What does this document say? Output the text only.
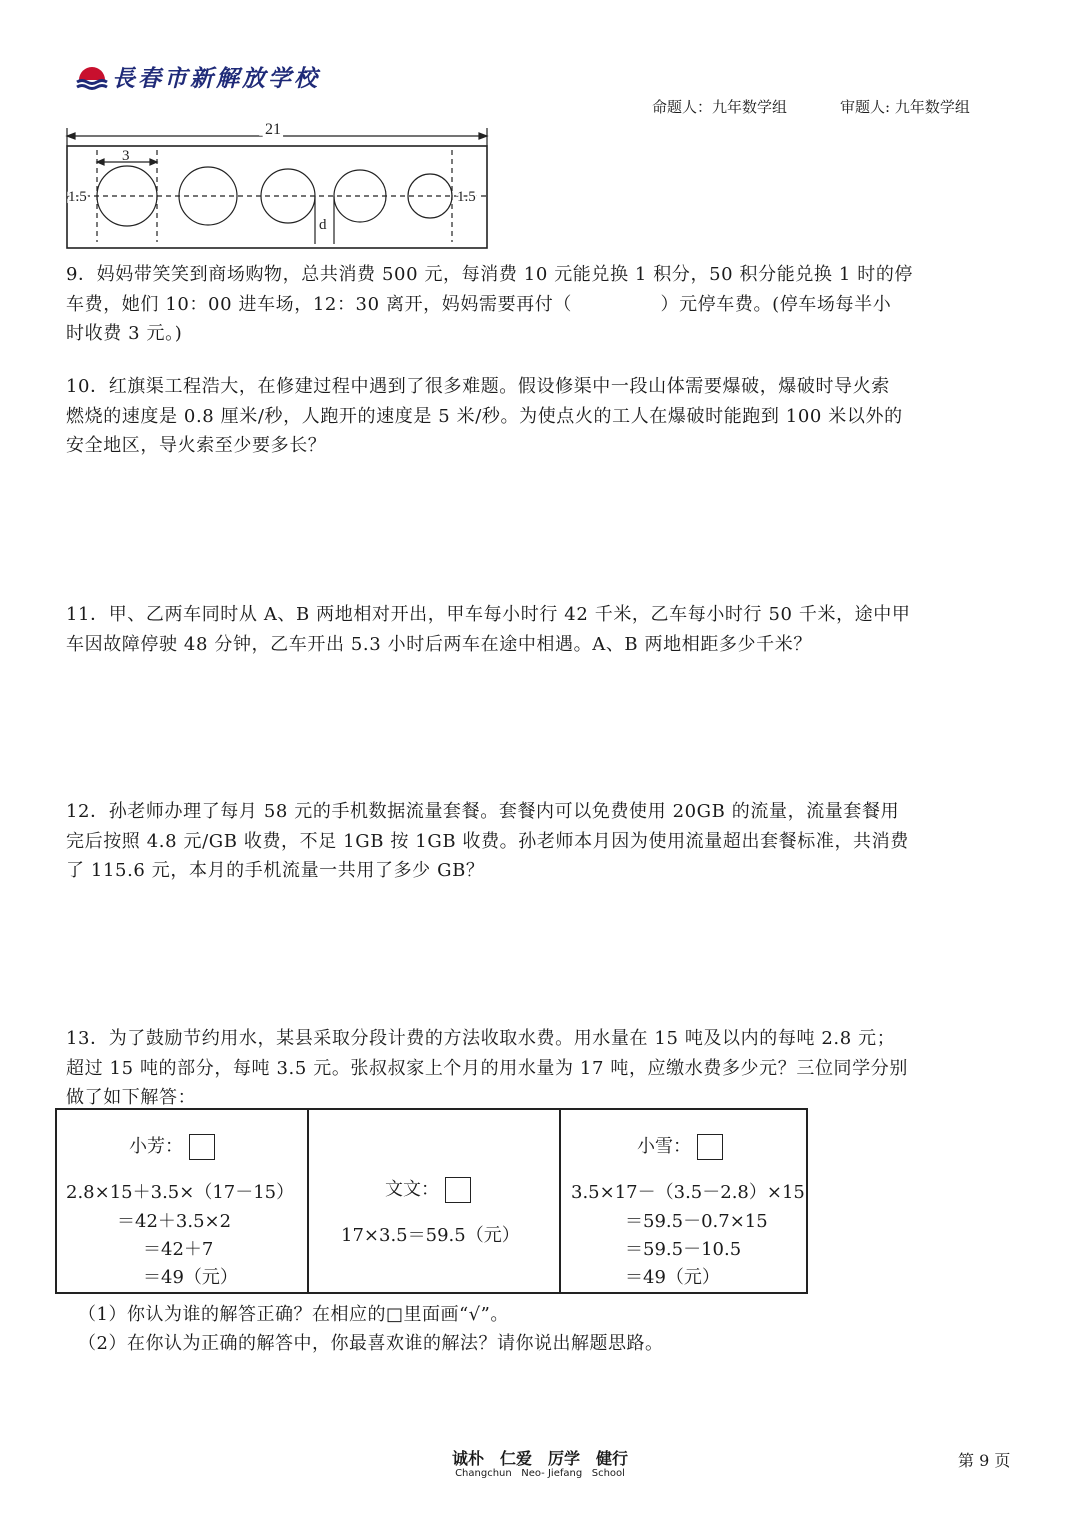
長春市新解放学校
命题人：九年数学组	审题人: 九年数学组
21
3
1.5	1.5
d

9．妈妈带笑笑到商场购物，总共消费 500 元，每消费 10 元能兑换 1 积分，50 积分能兑换 1 时的停

车费，她们 10：00 进车场，12：30 离开，妈妈需要再付（              ）元停车费。(停车场每半小

时收费 3 元。)

10．红旗渠工程浩大，在修建过程中遇到了很多难题。假设修渠中一段山体需要爆破，爆破时导火索

燃烧的速度是 0.8 厘米/秒，人跑开的速度是 5 米/秒。为使点火的工人在爆破时能跑到 100 米以外的

安全地区，导火索至少要多长？

11．甲、乙两车同时从 A、B 两地相对开出，甲车每小时行 42 千米，乙车每小时行 50 千米，途中甲

车因故障停驶 48 分钟，乙车开出 5.3 小时后两车在途中相遇。A、B 两地相距多少千米？

12．孙老师办理了每月 58 元的手机数据流量套餐。套餐内可以免费使用 20GB 的流量，流量套餐用

完后按照 4.8 元/GB 收费，不足 1GB 按 1GB 收费。孙老师本月因为使用流量超出套餐标准，共消费

了 115.6 元，本月的手机流量一共用了多少 GB？

13．为了鼓励节约用水，某县采取分段计费的方法收取水费。用水量在 15 吨及以内的每吨 2.8 元；

超过 15 吨的部分，每吨 3.5 元。张叔叔家上个月的用水量为 17 吨，应缴水费多少元？三位同学分别

做了如下解答：

小芳：
2.8×15＋3.5×（17－15）
＝42＋3.5×2
＝42＋7
＝49（元）
文文：
17×3.5＝59.5（元）
小雪：
3.5×17－（3.5－2.8）×15
＝59.5－0.7×15
＝59.5－10.5
＝49（元）
（1）你认为谁的解答正确？在相应的□里面画“√”。
（2）在你认为正确的解答中，你最喜欢谁的解法？请你说出解题思路。
诚朴 仁爱 厉学 健行
Changchun   Neo- Jiefang   School
第 9 页
